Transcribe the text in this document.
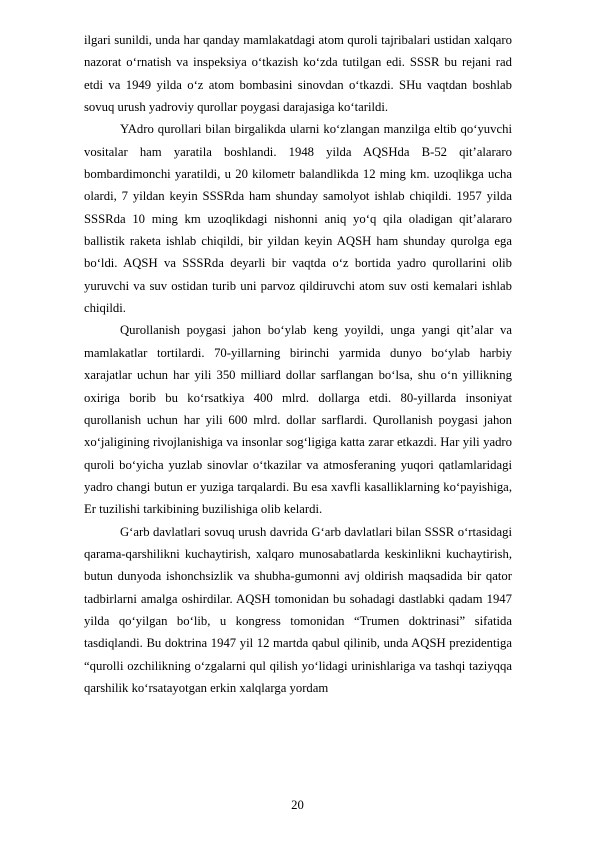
ilgari sunildi, unda har qanday mamlakatdagi atom quroli tajribalari ustidan xalqaro nazorat o‘rnatish va inspeksiya o‘tkazish ko‘zda tutilgan edi. SSSR bu rejani rad etdi va 1949 yilda o‘z atom bombasini sinovdan o‘tkazdi. SHu vaqtdan boshlab sovuq urush yadroviy qurollar poygasi darajasiga ko‘tarildi.

YAdro qurollari bilan birgalikda ularni ko‘zlangan manzilga eltib qo‘yuvchi vositalar ham yaratila boshlandi. 1948 yilda AQSHda B-52 qit’alararo bombardimonchi yaratildi, u 20 kilometr balandlikda 12 ming km. uzoqlikga ucha olardi, 7 yildan keyin SSSRda ham shunday samolyot ishlab chiqildi. 1957 yilda SSSRda 10 ming km uzoqlikdagi nishonni aniq yo‘q qila oladigan qit’alararo ballistik raketa ishlab chiqildi, bir yildan keyin AQSH ham shunday qurolga ega bo‘ldi. AQSH va SSSRda deyarli bir vaqtda o‘z bortida yadro qurollarini olib yuruvchi va suv ostidan turib uni parvoz qildiruvchi atom suv osti kemalari ishlab chiqildi.

Qurollanish poygasi jahon bo‘ylab keng yoyildi, unga yangi qit’alar va mamlakatlar tortilardi. 70-yillarning birinchi yarmida dunyo bo‘ylab harbiy xarajatlar uchun har yili 350 milliard dollar sarflangan bo‘lsa, shu o‘n yillikning oxiriga borib bu ko‘rsatkiya 400 mlrd. dollarga etdi. 80-yillarda insoniyat qurollanish uchun har yili 600 mlrd. dollar sarflardi. Qurollanish poygasi jahon xo‘jaligining rivojlanishiga va insonlar sog‘ligiga katta zarar etkazdi. Har yili yadro quroli bo‘yicha yuzlab sinovlar o‘tkazilar va atmosferaning yuqori qatlamlaridagi yadro changi butun er yuziga tarqalardi. Bu esa xavfli kasalliklarning ko‘payishiga, Er tuzilishi tarkibining buzilishiga olib kelardi.

G‘arb davlatlari sovuq urush davrida G‘arb davlatlari bilan SSSR o‘rtasidagi qarama-qarshilikni kuchaytirish, xalqaro munosabatlarda keskinlikni kuchaytirish, butun dunyoda ishonchsizlik va shubha-gumonni avj oldirish maqsadida bir qator tadbirlarni amalga oshirdilar. AQSH tomonidan bu sohadagi dastlabki qadam 1947 yilda qo‘yilgan bo‘lib, u kongress tomonidan “Trumen doktrinasi” sifatida tasdiqlandi. Bu doktrina 1947 yil 12 martda qabul qilinib, unda AQSH prezidentiga “qurolli ozchilikning o‘zgalarni qul qilish yo‘lidagi urinishlariga va tashqi taziyqqa qarshilik ko‘rsatayotgan erkin xalqlarga yordam

20
